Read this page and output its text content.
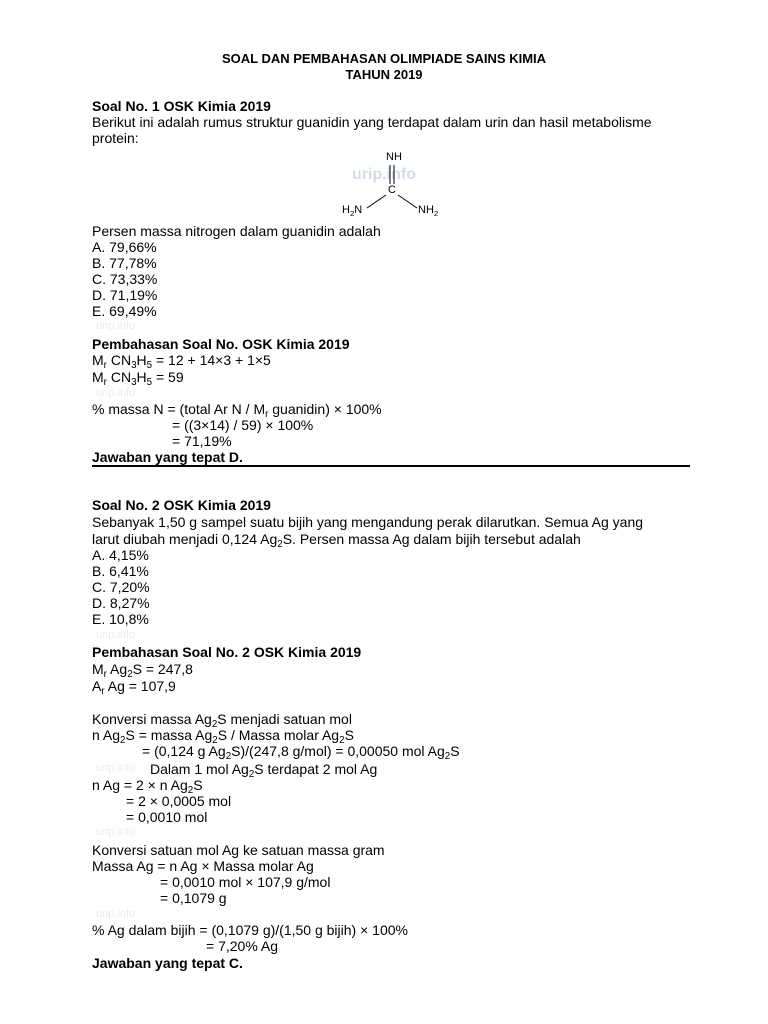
SOAL DAN PEMBAHASAN OLIMPIADE SAINS KIMIA
TAHUN 2019
Soal No. 1 OSK Kimia 2019
Berikut ini adalah rumus struktur guanidin yang terdapat dalam urin dan hasil metabolisme
protein:
urip.info
NH
C
$H_2N$	$NH_2$
Persen massa nitrogen dalam guanidin adalah
A. 79,66%
B. 77,78%
C. 73,33%
D. 71,19%
E. 69,49%
urip.info
Pembahasan Soal No. OSK Kimia 2019
$M_r$ $CN_3H_5 = 12 + 14\times 3 + 1\times 5$
$M_r$ $CN_3H_5 = 59$
urip.info
% massa N = (total Ar N / $M_r$ guanidin) × 100%
= ((3×14) / 59) × 100%
= 71,19%
Jawaban yang tepat D.
Soal No. 2 OSK Kimia 2019
Sebanyak 1,50 g sampel suatu bijih yang mengandung perak dilarutkan. Semua Ag yang
larut diubah menjadi 0,124 $Ag_2S$. Persen massa Ag dalam bijih tersebut adalah
A. 4,15%
B. 6,41%
C. 7,20%
D. 8,27%
E. 10,8%
urip.info
Pembahasan Soal No. 2 OSK Kimia 2019
$M_r$ $Ag_2S = 247,8$
$A_r$ Ag = 107,9
Konversi massa $Ag_2S$ menjadi satuan mol
n $Ag_2S$ = massa $Ag_2S$ / Massa molar $Ag_2S$
= (0,124 g $Ag_2S)/(247,8$ g/mol) = 0,00050 mol $Ag_2S$
urip.info Dalam 1 mol $Ag_2S$ terdapat 2 mol Ag
n Ag = 2 × n $Ag_2S$
= 2 × 0,0005 mol
= 0,0010 mol
urip.info
Konversi satuan mol Ag ke satuan massa gram
Massa Ag = n Ag × Massa molar Ag
= 0,0010 mol × 107,9 g/mol
= 0,1079 g
urip.info
% Ag dalam bijih = (0,1079 g)/(1,50 g bijih) × 100%
= 7,20% Ag
Jawaban yang tepat C.
